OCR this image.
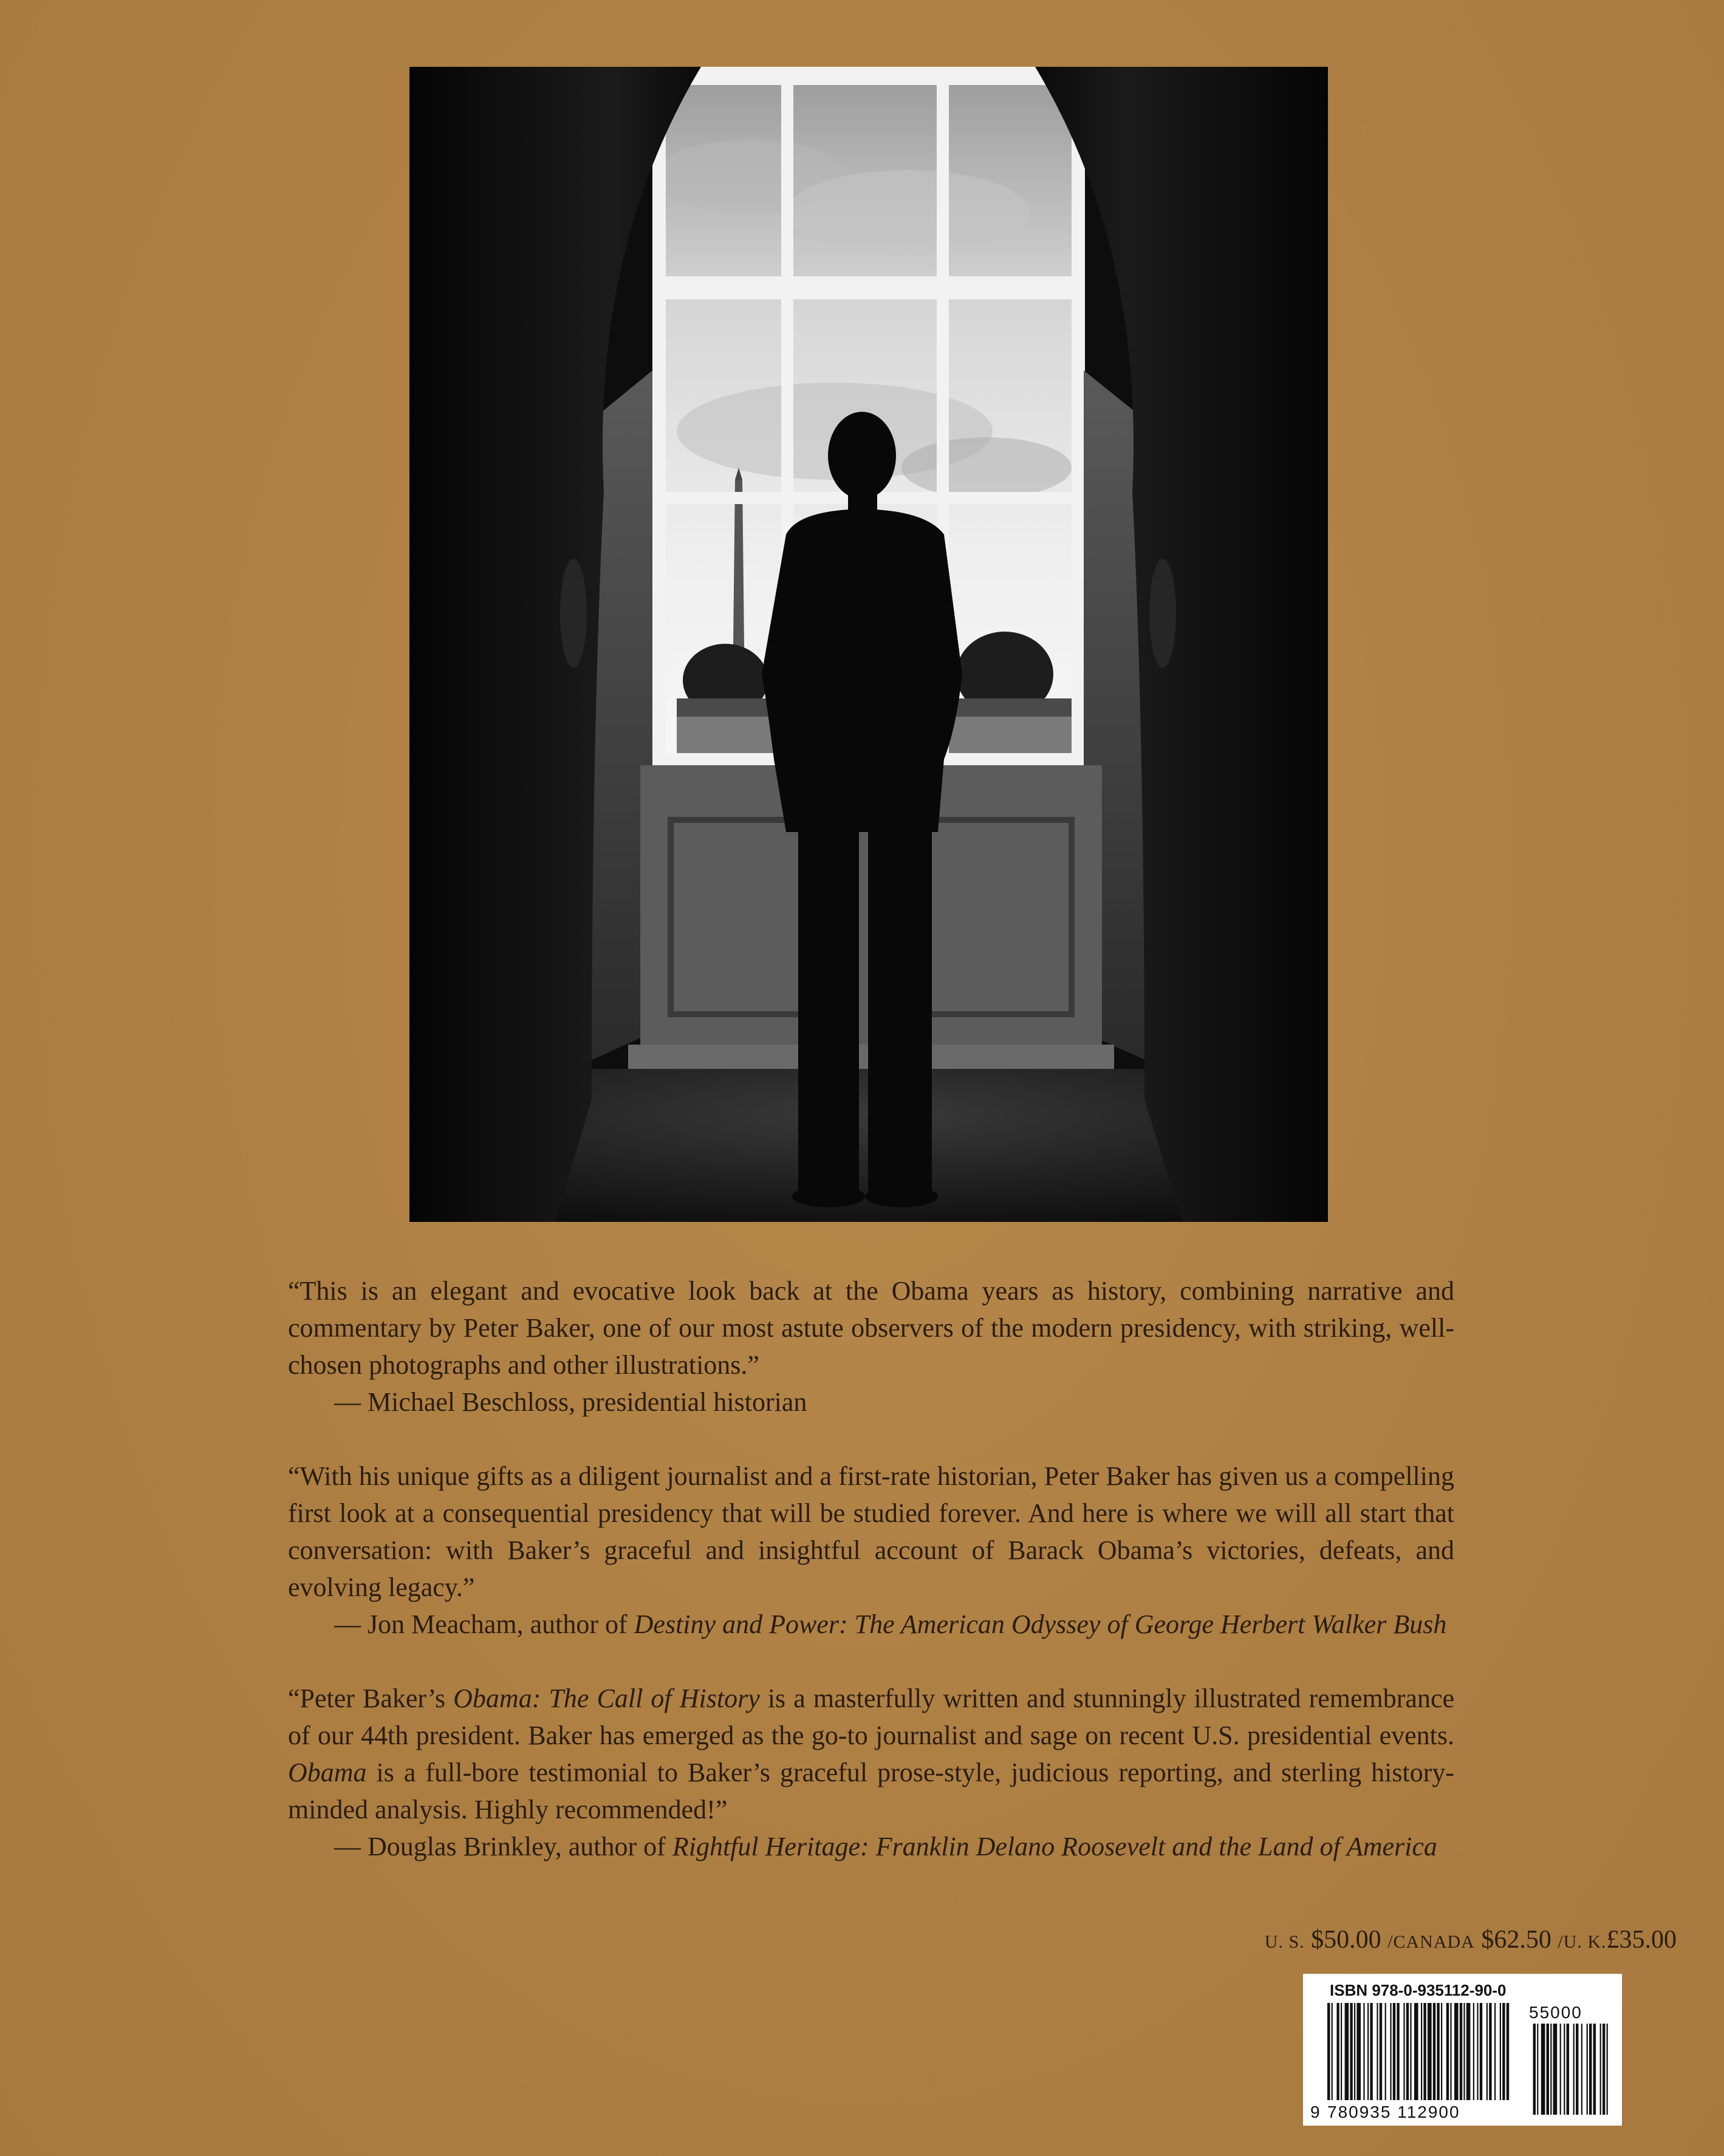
“This is an elegant and evocative look back at the Obama years as history, combining narrative and commentary by Peter Baker, one of our most astute observers of the modern presidency, with striking, well-chosen photographs and other illustrations.”

— Michael Beschloss, presidential historian

“With his unique gifts as a diligent journalist and a first-rate historian, Peter Baker has given us a compelling first look at a consequential presidency that will be studied forever. And here is where we will all start that conversation: with Baker’s graceful and insightful account of Barack Obama’s victories, defeats, and evolving legacy.”

— Jon Meacham, author of Destiny and Power: The American Odyssey of George Herbert Walker Bush

“Peter Baker’s Obama: The Call of History is a masterfully written and stunningly illustrated remembrance of our 44th president. Baker has emerged as the go-to journalist and sage on recent U.S. presidential events. Obama is a full-bore testimonial to Baker’s graceful prose-style, judicious reporting, and sterling history-minded analysis. Highly recommended!”

— Douglas Brinkley, author of Rightful Heritage: Franklin Delano Roosevelt and the Land of America

U. S. $50.00 /CANADA $62.50 /U. K.£35.00
ISBN 978-0-935112-90-0
9 780935 112900
55000
